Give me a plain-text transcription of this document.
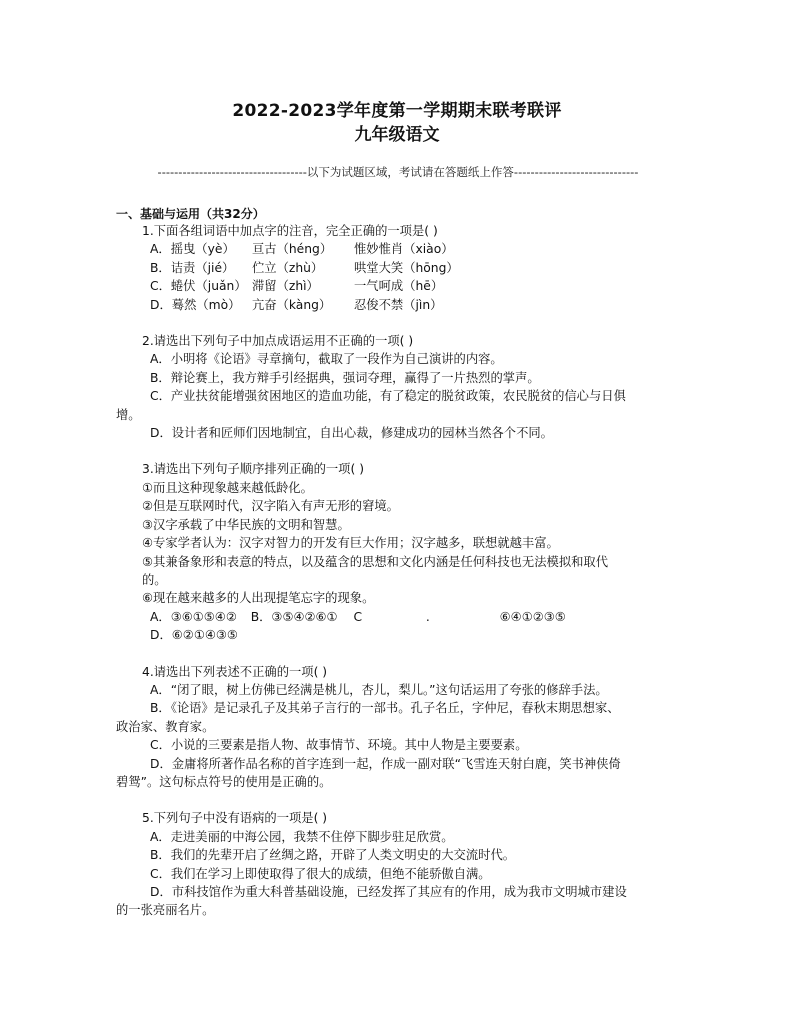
2022-2023学年度第一学期期末联考联评
九年级语文
------------------------------------以下为试题区域，考试请在答题纸上作答------------------------------
一、基础与运用（共32分）
1.下面各组词语中加点字的注音，完全正确的一项是( )
A．摇曳（yè） 亘古（héng） 惟妙惟肖（xiào）
B．诘责（jié） 伫立（zhù）	哄堂大笑（hōng）
C．蜷伏（juǎn） 滞留（zhì）	一气呵成（hē）
D．蓦然（mò） 亢奋（kàng） 忍俊不禁（jìn）
2.请选出下列句子中加点成语运用不正确的一项( )
A．小明将《论语》寻章摘句，截取了一段作为自己演讲的内容。
B．辩论赛上，我方辩手引经据典，强词夺理，赢得了一片热烈的掌声。
C．产业扶贫能增强贫困地区的造血功能，有了稳定的脱贫政策，农民脱贫的信心与日俱
增。
D．设计者和匠师们因地制宜，自出心裁，修建成功的园林当然各个不同。
3.请选出下列句子顺序排列正确的一项( )
①而且这种现象越来越低龄化。
②但是互联网时代，汉字陷入有声无形的窘境。
③汉字承载了中华民族的文明和智慧。
④专家学者认为：汉字对智力的开发有巨大作用；汉字越多，联想就越丰富。
⑤其兼备象形和表意的特点，以及蕴含的思想和文化内涵是任何科技也无法模拟和取代
的。
⑥现在越来越多的人出现提笔忘字的现象。
A．③⑥①⑤④② B．③⑤④②⑥① C	.	⑥④①②③⑤
D．⑥②①④③⑤
4.请选出下列表述不正确的一项( )
A．“闭了眼，树上仿佛已经满是桃儿，杏儿，梨儿。”这句话运用了夸张的修辞手法。
B．《论语》是记录孔子及其弟子言行的一部书。孔子名丘，字仲尼，春秋末期思想家、
政治家、教育家。
C．小说的三要素是指人物、故事情节、环境。其中人物是主要要素。
D．金庸将所著作品名称的首字连到一起，作成一副对联“飞雪连天射白鹿，笑书神侠倚
碧鸳”。这句标点符号的使用是正确的。
5.下列句子中没有语病的一项是( )
A．走进美丽的中海公园，我禁不住停下脚步驻足欣赏。
B．我们的先辈开启了丝绸之路，开辟了人类文明史的大交流时代。
C．我们在学习上即使取得了很大的成绩，但绝不能骄傲自满。
D．市科技馆作为重大科普基础设施，已经发挥了其应有的作用，成为我市文明城市建设
的一张亮丽名片。
